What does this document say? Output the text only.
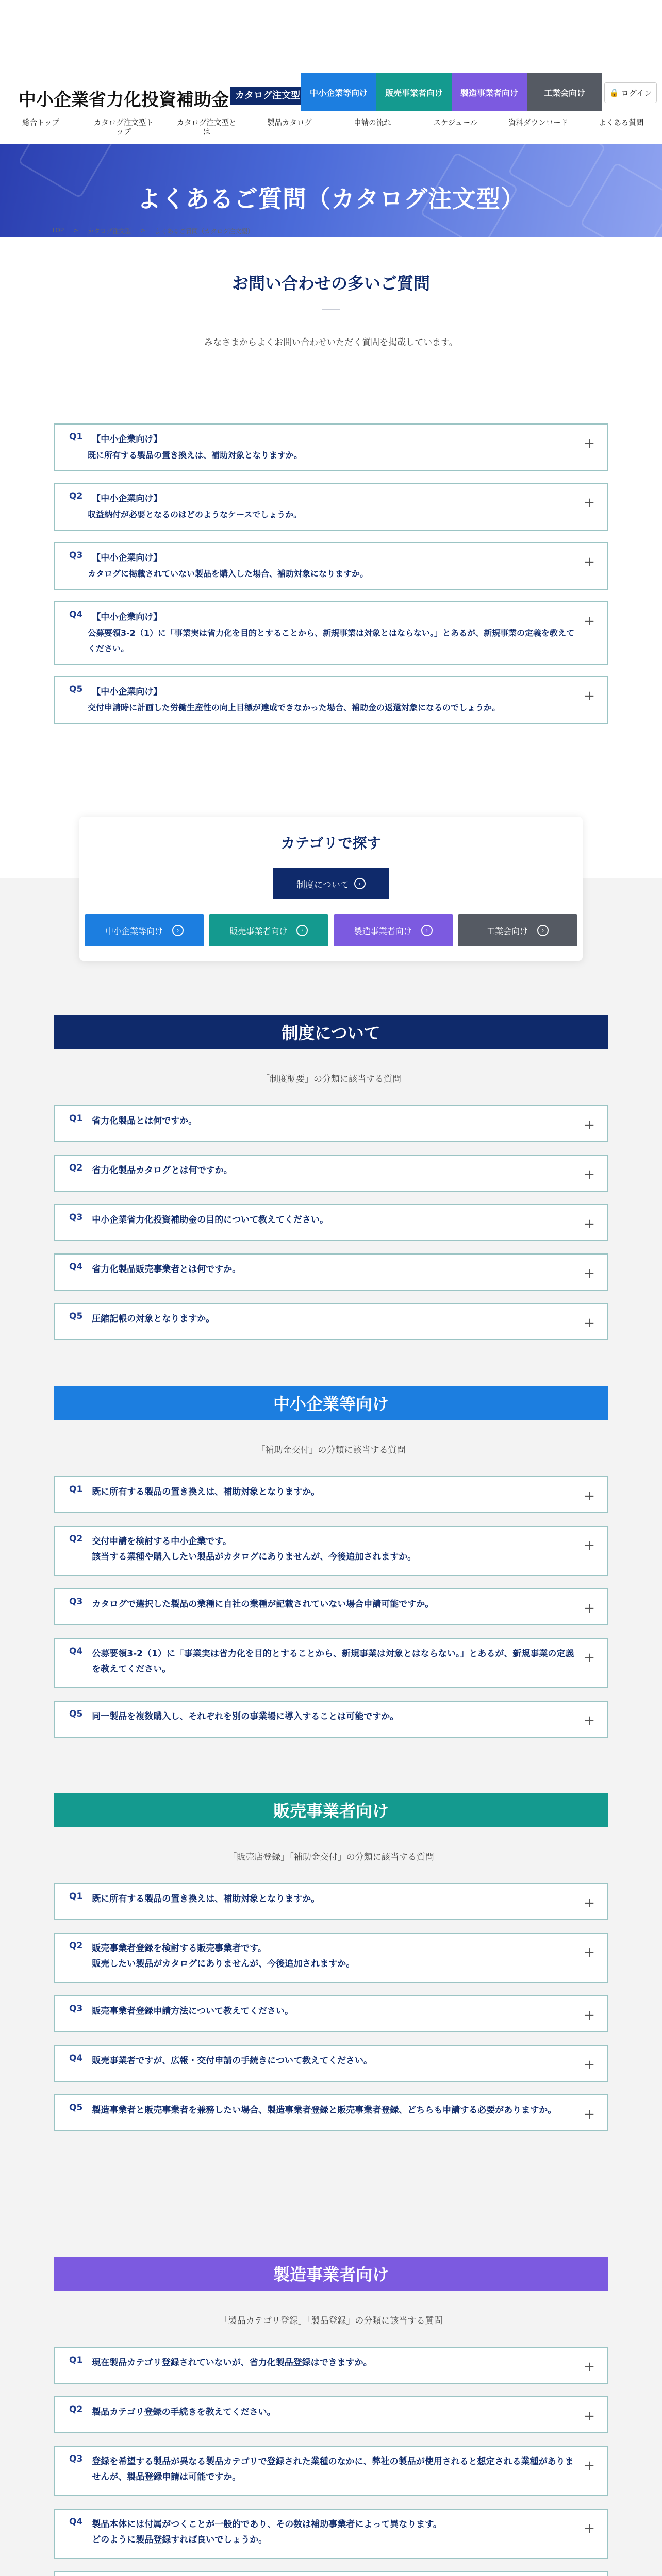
中小企業省力化投資補助金 カタログ注文型	中小企業等向け	販売事業者向け	製造事業者向け	工業会向け	🔒 ログイン
総合トップ	カタログ注文型トップ
カタログ注文型とは
製品カタログ	申請の流れ	スケジュール	資料ダウンロード	よくある質問
よくあるご質問（カタログ注文型）
TOP > カタログ注文型 > よくあるご質問（カタログ注文型）
お問い合わせの多いご質問
みなさまからよくお問い合わせいただく質問を掲載しています。
Q1 【中小企業向け】
既に所有する製品の置き換えは、補助対象となりますか。
+
Q2 【中小企業向け】
収益納付が必要となるのはどのようなケースでしょうか。
+
Q3 【中小企業向け】
カタログに掲載されていない製品を購入した場合、補助対象になりますか。
+
Q4 【中小企業向け】
公募要領3-2（1）に「事業実は省力化を目的とすることから、新規事業は対象とはならない。」とあるが、新規事業の定義を教えてください。
+
Q5 【中小企業向け】
交付申請時に計画した労働生産性の向上目標が達成できなかった場合、補助金の返還対象になるのでしょうか。
+
カテゴリで探す
制度について	›
中小企業等向け	›	販売事業者向け	›	製造事業者向け	›	工業会向け	›
制度について
「制度概要」の分類に該当する質問
Q1 省力化製品とは何ですか。	+
Q2 省力化製品カタログとは何ですか。	+
Q3 中小企業省力化投資補助金の目的について教えてください。	+
Q4 省力化製品販売事業者とは何ですか。	+
Q5 圧縮記帳の対象となりますか。	+
中小企業等向け
「補助金交付」の分類に該当する質問
Q1 既に所有する製品の置き換えは、補助対象となりますか。	+
Q2 交付申請を検討する中小企業です。
該当する業種や購入したい製品がカタログにありませんが、今後追加されますか。
+
Q3 カタログで選択した製品の業種に自社の業種が記載されていない場合申請可能ですか。	+
Q4 公募要領3-2（1）に「事業実は省力化を目的とすることから、新規事業は対象とはならない。」とあるが、新規事業の定義を教えてください。
+
Q5 同一製品を複数購入し、それぞれを別の事業場に導入することは可能ですか。	+
販売事業者向け
「販売店登録」「補助金交付」の分類に該当する質問
Q1 既に所有する製品の置き換えは、補助対象となりますか。	+
Q2 販売事業者登録を検討する販売事業者です。
販売したい製品がカタログにありませんが、今後追加されますか。
+
Q3 販売事業者登録申請方法について教えてください。	+
Q4 販売事業者ですが、広報・交付申請の手続きについて教えてください。	+
Q5 製造事業者と販売事業者を兼務したい場合、製造事業者登録と販売事業者登録、どちらも申請する必要がありますか。 +
製造事業者向け
「製品カテゴリ登録」「製品登録」の分類に該当する質問
Q1 現在製品カテゴリ登録されていないが、省力化製品登録はできますか。	+
Q2 製品カテゴリ登録の手続きを教えてください。	+
Q3 登録を希望する製品が異なる製品カテゴリで登録された業種のなかに、弊社の製品が使用されると想定される業種がありませんが、製品登録申請は可能ですか。
+
Q4 製品本体には付属がつくことが一般的であり、その数は補助事業者によって異なります。
どのように製品登録すれば良いでしょうか。
+
